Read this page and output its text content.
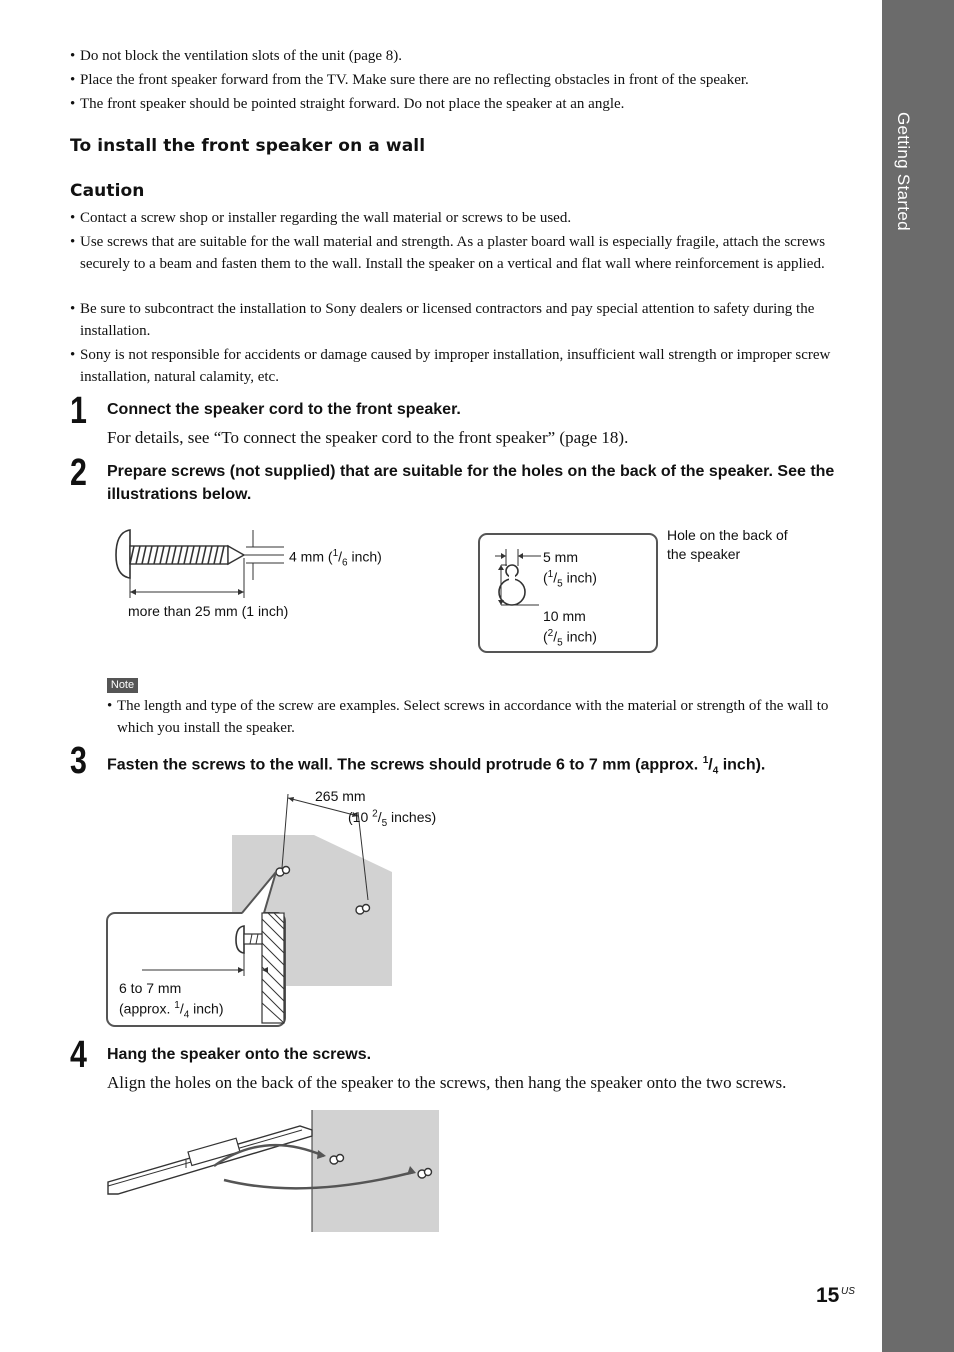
Getting Started
• Do not block the ventilation slots of the unit (page 8).
• Place the front speaker forward from the TV. Make sure there are no reflecting obstacles in front of the speaker.
• The front speaker should be pointed straight forward. Do not place the speaker at an angle.
To install the front speaker on a wall
Caution
• Contact a screw shop or installer regarding the wall material or screws to be used.
• Use screws that are suitable for the wall material and strength. As a plaster board wall is especially fragile, attach the screws securely to a beam and fasten them to the wall. Install the speaker on a vertical and flat wall where reinforcement is applied.
• Be sure to subcontract the installation to Sony dealers or licensed contractors and pay special attention to safety during the installation.
• Sony is not responsible for accidents or damage caused by improper installation, insufficient wall strength or improper screw installation, natural calamity, etc.
1 Connect the speaker cord to the front speaker.
For details, see “To connect the speaker cord to the front speaker” (page 18).
2 Prepare screws (not supplied) that are suitable for the holes on the back of the speaker. See the illustrations below.
4 mm ($^1/_6$ inch)
more than 25 mm (1 inch)
5 mm
($^1/_5$ inch)
10 mm
($^2/_5$ inch)
Hole on the back of
the speaker
Note
• The length and type of the screw are examples. Select screws in accordance with the material or strength of the wall to which you install the speaker.
3 Fasten the screws to the wall. The screws should protrude 6 to 7 mm (approx. $^1/_4$ inch).
265 mm
(10 $^2/_5$ inches)
6 to 7 mm
(approx. $^1/_4$ inch)
4 Hang the speaker onto the screws.
Align the holes on the back of the speaker to the screws, then hang the speaker onto the two screws.
15 US
